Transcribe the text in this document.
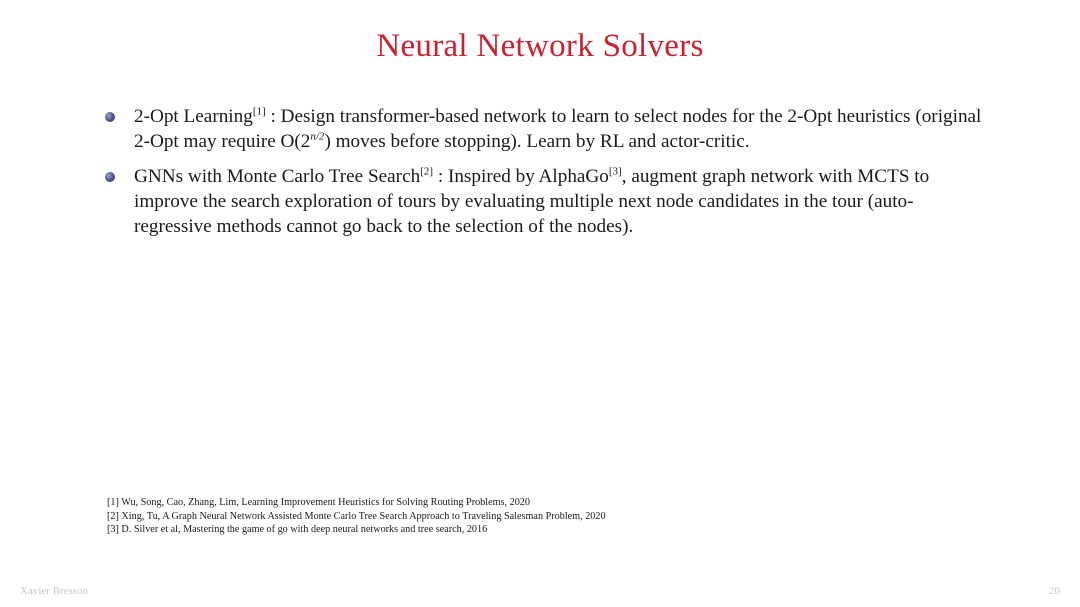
Neural Network Solvers
2-Opt Learning[1] : Design transformer-based network to learn to select nodes for the 2-Opt heuristics (original 2-Opt may require $O(2^{n/2})$ moves before stopping). Learn by RL and actor-critic.
GNNs with Monte Carlo Tree Search[2] : Inspired by AlphaGo[3], augment graph network with MCTS to improve the search exploration of tours by evaluating multiple next node candidates in the tour (auto-regressive methods cannot go back to the selection of the nodes).
[1] Wu, Song, Cao, Zhang, Lim, Learning Improvement Heuristics for Solving Routing Problems, 2020
[2] Xing, Tu, A Graph Neural Network Assisted Monte Carlo Tree Search Approach to Traveling Salesman Problem, 2020
[3] D. Silver et al, Mastering the game of go with deep neural networks and tree search, 2016
Xavier Bresson	20
